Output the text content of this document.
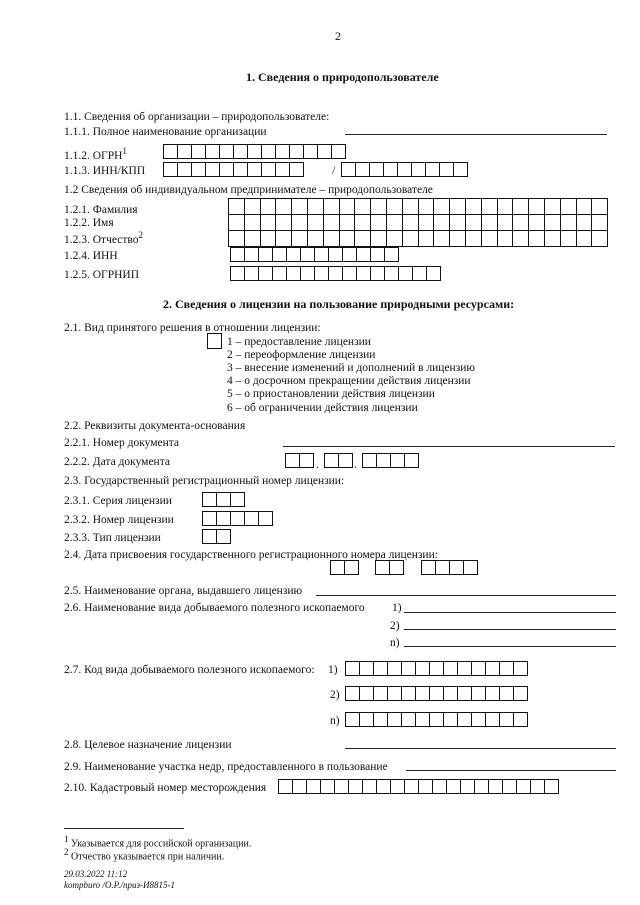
2
1. Сведения о природопользователе
1.1. Сведения об организации – природопользователе:
1.1.1. Полное наименование организации
1.1.2. ОГРН$^1$
1.1.3. ИНН/КПП	/
1.2 Сведения об индивидуальном предпринимателе – природопользователе
1.2.1. Фамилия
1.2.2. Имя
1.2.3. Отчество$^2$
1.2.4. ИНН
1.2.5. ОГРНИП
2. Сведения о лицензии на пользование природными ресурсами:
2.1. Вид принятого решения в отношении лицензии:
1 – предоставление лицензии
2 – переоформление лицензии
3 – внесение изменений и дополнений в лицензию
4 – о досрочном прекращении действия лицензии
5 – о приостановлении действия лицензии
6 – об ограничении действия лицензии
2.2. Реквизиты документа-основания
2.2.1. Номер документа
2.2.2. Дата документа	.	.
2.3. Государственный регистрационный номер лицензии:
2.3.1. Серия лицензии
2.3.2. Номер лицензии
2.3.3. Тип лицензии
2.4. Дата присвоения государственного регистрационного номера лицензии:
2.5. Наименование органа, выдавшего лицензию
2.6. Наименование вида добываемого полезного ископаемого 1)
2)
n)
2.7. Код вида добываемого полезного ископаемого: 1)
2)
n)
2.8. Целевое назначение лицензии
2.9. Наименование участка недр, предоставленного в пользование
2.10. Кадастровый номер месторождения
$^1$ Указывается для российской организации.
$^2$ Отчество указывается при наличии.
29.03.2022 11:12
kompburo /О.Р./приз-И8815-1
